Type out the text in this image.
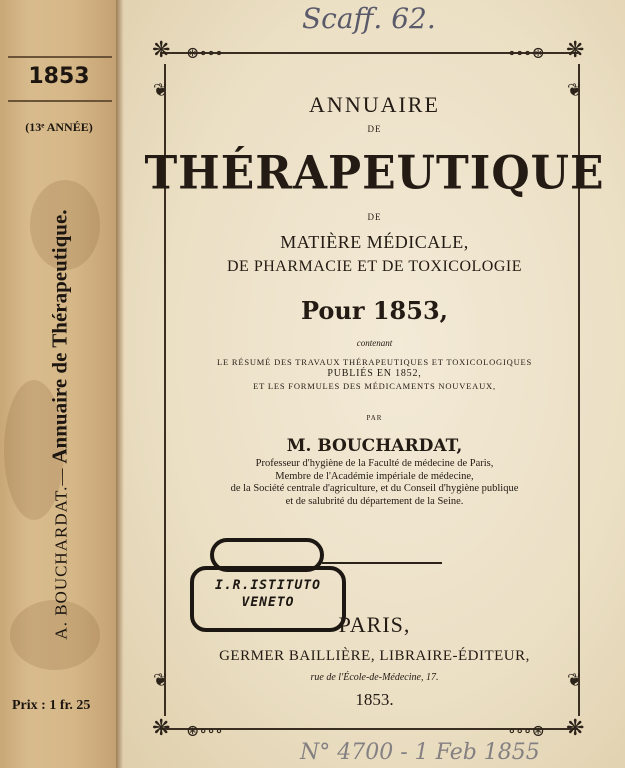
1853
(13ᵉ ANNÉE)
A. BOUCHARDAT.— Annuaire de Thérapeutique.
Prix : 1 fr. 25
Scaff. 62.
N° 4700 - 1 Feb 1855
❋	❋
❋	❋
⊛∘∘∘	∘∘∘⊛
⊛∘∘∘	∘∘∘⊛
❦	❦
❦	❦
ANNUAIRE
DE
THÉRAPEUTIQUE
DE
MATIÈRE MÉDICALE,
DE PHARMACIE ET DE TOXICOLOGIE
Pour 1853,
contenant
LE RÉSUMÉ DES TRAVAUX THÉRAPEUTIQUES ET TOXICOLOGIQUES
PUBLIÉS EN 1852,
ET LES FORMULES DES MÉDICAMENTS NOUVEAUX,
PAR
M. BOUCHARDAT,
Professeur d'hygiène de la Faculté de médecine de Paris,
Membre de l'Académie impériale de médecine,
de la Société centrale d'agriculture, et du Conseil d'hygiène publique
et de salubrité du département de la Seine.
I.R.ISTITUTO
VENETO
PARIS,
GERMER BAILLIÈRE, LIBRAIRE-ÉDITEUR,
rue de l'École-de-Médecine, 17.
1853.
